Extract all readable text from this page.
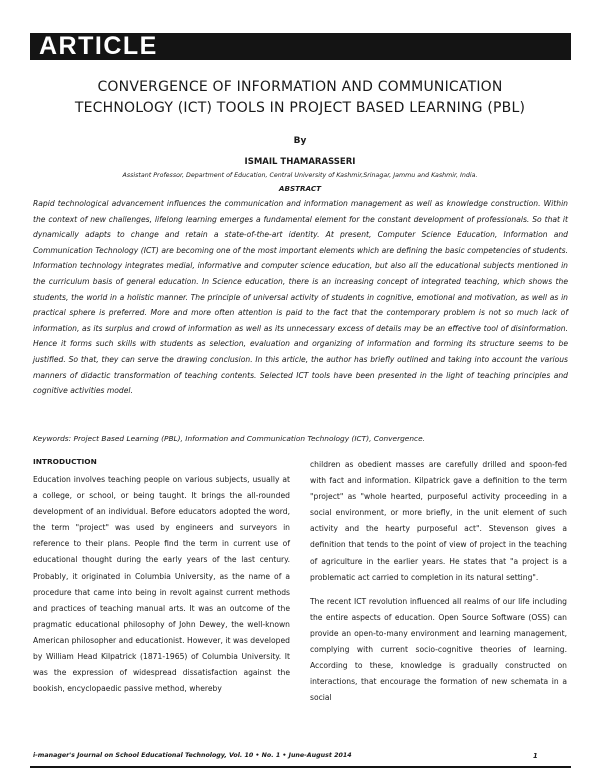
ARTICLE
CONVERGENCE OF INFORMATION AND COMMUNICATION
TECHNOLOGY (ICT) TOOLS IN PROJECT BASED LEARNING (PBL)
By
ISMAIL THAMARASSERI
Assistant Professor, Department of Education, Central University of Kashmir,Srinagar, Jammu and Kashmir, India.
ABSTRACT
Rapid technological advancement influences the communication and information management as well as knowledge construction. Within the context of new challenges, lifelong learning emerges a fundamental element for the constant development of professionals. So that it dynamically adapts to change and retain a state-of-the-art identity. At present, Computer Science Education, Information and Communication Technology (ICT) are becoming one of the most important elements which are defining the basic competencies of students. Information technology integrates medial, informative and computer science education, but also all the educational subjects mentioned in the curriculum basis of general education. In Science education, there is an increasing concept of integrated teaching, which shows the students, the world in a holistic manner. The principle of universal activity of students in cognitive, emotional and motivation, as well as in practical sphere is preferred. More and more often attention is paid to the fact that the contemporary problem is not so much lack of information, as its surplus and crowd of information as well as its unnecessary excess of details may be an effective tool of disinformation. Hence it forms such skills with students as selection, evaluation and organizing of information and forming its structure seems to be justified. So that, they can serve the drawing conclusion. In this article, the author has briefly outlined and taking into account the various manners of didactic transformation of teaching contents. Selected ICT tools have been presented in the light of teaching principles and cognitive activities model.
Keywords: Project Based Learning (PBL), Information and Communication Technology (ICT), Convergence.
INTRODUCTION

Education involves teaching people on various subjects, usually at a college, or school, or being taught. It brings the all-rounded development of an individual. Before educators adopted the word, the term "project" was used by engineers and surveyors in reference to their plans. People find the term in current use of educational thought during the early years of the last century. Probably, it originated in Columbia University, as the name of a procedure that came into being in revolt against current methods and practices of teaching manual arts. It was an outcome of the pragmatic educational philosophy of John Dewey, the well-known American philosopher and educationist. However, it was developed by William Head Kilpatrick (1871-1965) of Columbia University. It was the expression of widespread dissatisfaction against the bookish, encyclopaedic passive method, whereby

children as obedient masses are carefully drilled and spoon-fed with fact and information. Kilpatrick gave a definition to the term "project" as "whole hearted, purposeful activity proceeding in a social environment, or more briefly, in the unit element of such activity and the hearty purposeful act". Stevenson gives a definition that tends to the point of view of project in the teaching of agriculture in the earlier years. He states that "a project is a problematic act carried to completion in its natural setting".

The recent ICT revolution influenced all realms of our life including the entire aspects of education. Open Source Software (OSS) can provide an open-to-many environment and learning management, complying with current socio-cognitive theories of learning. According to these, knowledge is gradually constructed on interactions, that encourage the formation of new schemata in a social

i-manager's Journal on School Educational Technology, Vol. 10 • No. 1 • June-August 2014	1
